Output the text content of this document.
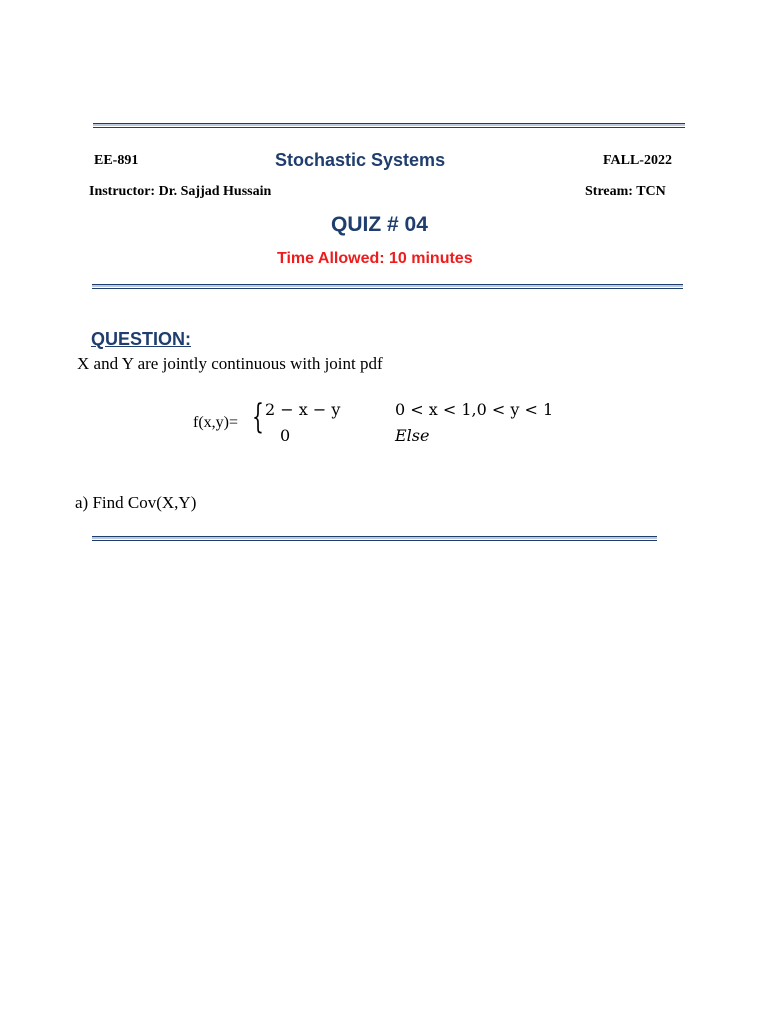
EE-891	Stochastic Systems	FALL-2022
Instructor: Dr. Sajjad Hussain	Stream: TCN
QUIZ # 04
Time Allowed: 10 minutes
QUESTION:
X and Y are jointly continuous with joint pdf
f(x,y)= { 2 − x − y	0 < x < 1,0 < y < 1
0	Else
a) Find Cov(X,Y)
